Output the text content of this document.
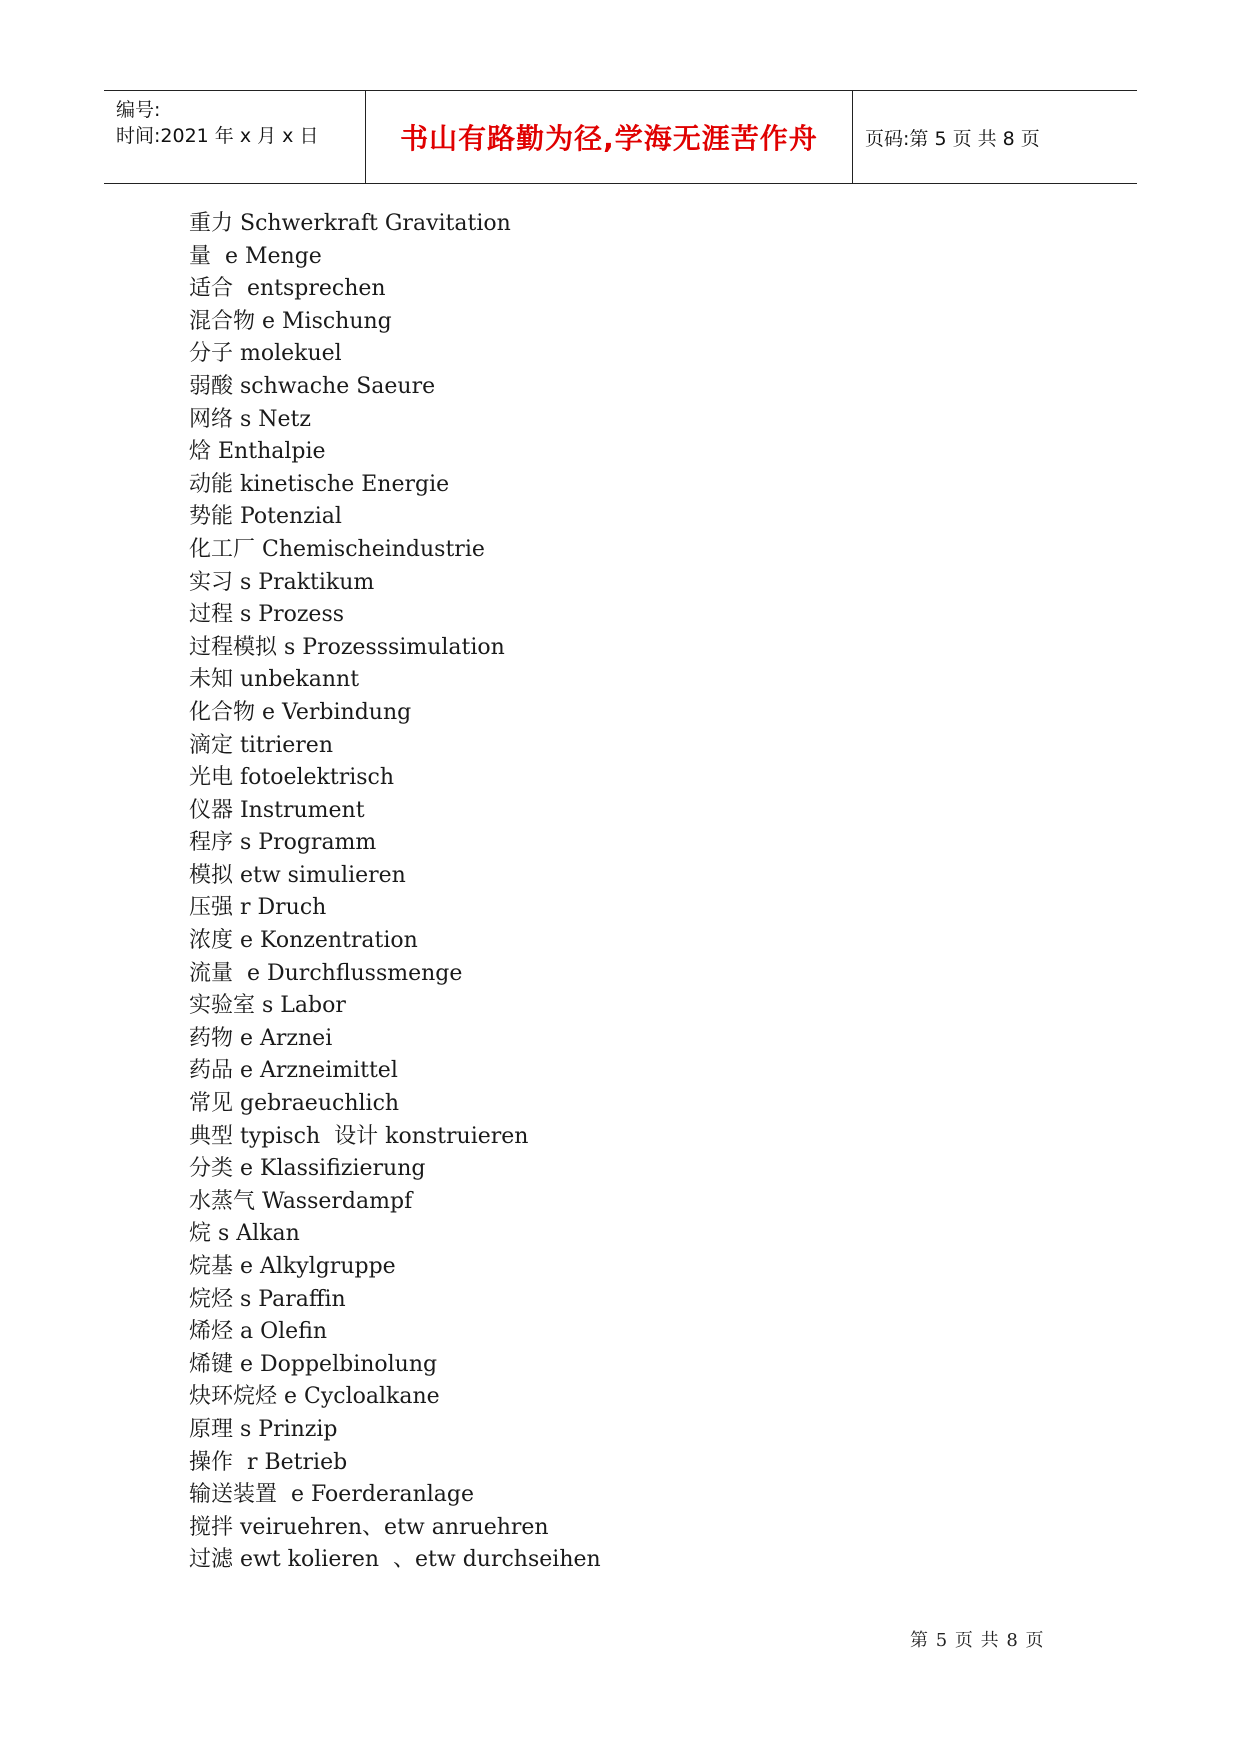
编号:
时间:2021 年 x 月 x 日	书山有路勤为径,学海无涯苦作舟 页码:第 5 页 共 8 页
重力 Schwerkraft Gravitation
量  e Menge
适合  entsprechen
混合物 e Mischung
分子 molekuel
弱酸 schwache Saeure
网络 s Netz
焓 Enthalpie
动能 kinetische Energie
势能 Potenzial
化工厂 Chemischeindustrie
实习 s Praktikum
过程 s Prozess
过程模拟 s Prozesssimulation
未知 unbekannt
化合物 e Verbindung
滴定 titrieren
光电 fotoelektrisch
仪器 Instrument
程序 s Programm
模拟 etw simulieren
压强 r Druch
浓度 e Konzentration
流量  e Durchflussmenge
实验室 s Labor
药物 e Arznei
药品 e Arzneimittel
常见 gebraeuchlich
典型 typisch  设计 konstruieren
分类 e Klassifizierung
水蒸气 Wasserdampf
烷 s Alkan
烷基 e Alkylgruppe
烷烃 s Paraffin
烯烃 a Olefin
烯键 e Doppelbinolung
炔环烷烃 e Cycloalkane
原理 s Prinzip
操作  r Betrieb
输送装置  e Foerderanlage
搅拌 veiruehren、etw anruehren
过滤 ewt kolieren  、etw durchseihen
第 5 页 共 8 页
